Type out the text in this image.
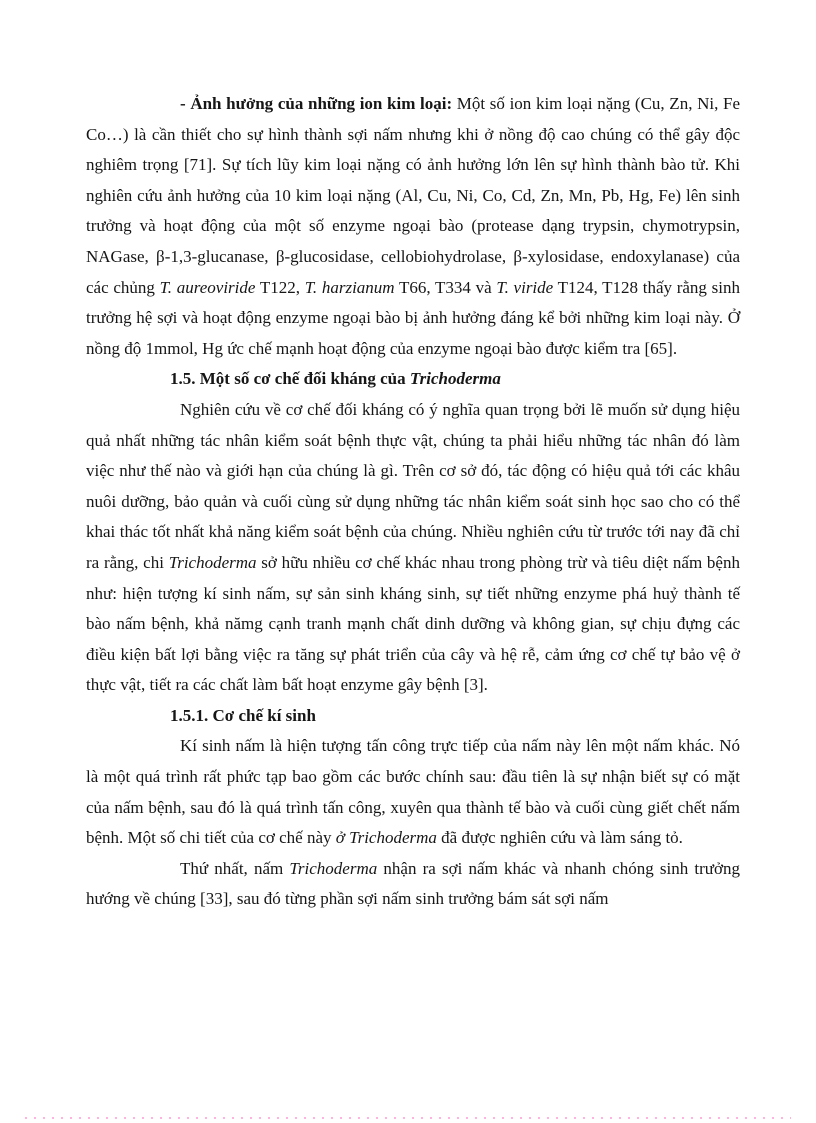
- Ảnh hưởng của những ion kim loại: Một số ion kim loại nặng (Cu, Zn, Ni, Fe Co…) là cần thiết cho sự hình thành sợi nấm nhưng khi ở nồng độ cao chúng có thể gây độc nghiêm trọng [71]. Sự tích lũy kim loại nặng có ảnh hưởng lớn lên sự hình thành bào tử. Khi nghiên cứu ảnh hưởng của 10 kim loại nặng (Al, Cu, Ni, Co, Cd, Zn, Mn, Pb, Hg, Fe) lên sinh trưởng và hoạt động của một số enzyme ngoại bào (protease dạng trypsin, chymotrypsin, NAGase, β-1,3-glucanase, β-glucosidase, cellobiohydrolase, β-xylosidase, endoxylanase) của các chủng T. aureoviride T122, T. harzianum T66, T334 và T. viride T124, T128 thấy rằng sinh trưởng hệ sợi và hoạt động enzyme ngoại bào bị ảnh hưởng đáng kể bởi những kim loại này. Ở nồng độ 1mmol, Hg ức chế mạnh hoạt động của enzyme ngoại bào được kiểm tra [65].

1.5. Một số cơ chế đối kháng của Trichoderma

Nghiên cứu về cơ chế đối kháng có ý nghĩa quan trọng bởi lẽ muốn sử dụng hiệu quả nhất những tác nhân kiểm soát bệnh thực vật, chúng ta phải hiểu những tác nhân đó làm việc như thế nào và giới hạn của chúng là gì. Trên cơ sở đó, tác động có hiệu quả tới các khâu nuôi dưỡng, bảo quản và cuối cùng sử dụng những tác nhân kiểm soát sinh học sao cho có thể khai thác tốt nhất khả năng kiểm soát bệnh của chúng. Nhiều nghiên cứu từ trước tới nay đã chỉ ra rằng, chi Trichoderma sở hữu nhiều cơ chế khác nhau trong phòng trừ và tiêu diệt nấm bệnh như: hiện tượng kí sinh nấm, sự sản sinh kháng sinh, sự tiết những enzyme phá huỷ thành tế bào nấm bệnh, khả nămg cạnh tranh mạnh chất dinh dưỡng và không gian, sự chịu đựng các điều kiện bất lợi bằng việc ra tăng sự phát triển của cây và hệ rễ, cảm ứng cơ chế tự bảo vệ ở thực vật, tiết ra các chất làm bất hoạt enzyme gây bệnh [3].

1.5.1. Cơ chế kí sinh

Kí sinh nấm là hiện tượng tấn công trực tiếp của nấm này lên một nấm khác. Nó là một quá trình rất phức tạp bao gồm các bước chính sau: đầu tiên là sự nhận biết sự có mặt của nấm bệnh, sau đó là quá trình tấn công, xuyên qua thành tế bào và cuối cùng giết chết nấm bệnh. Một số chi tiết của cơ chế này ở Trichoderma đã được nghiên cứu và làm sáng tỏ.

Thứ nhất, nấm Trichoderma nhận ra sợi nấm khác và nhanh chóng sinh trưởng hướng về chúng [33], sau đó từng phần sợi nấm sinh trưởng bám sát sợi nấm
